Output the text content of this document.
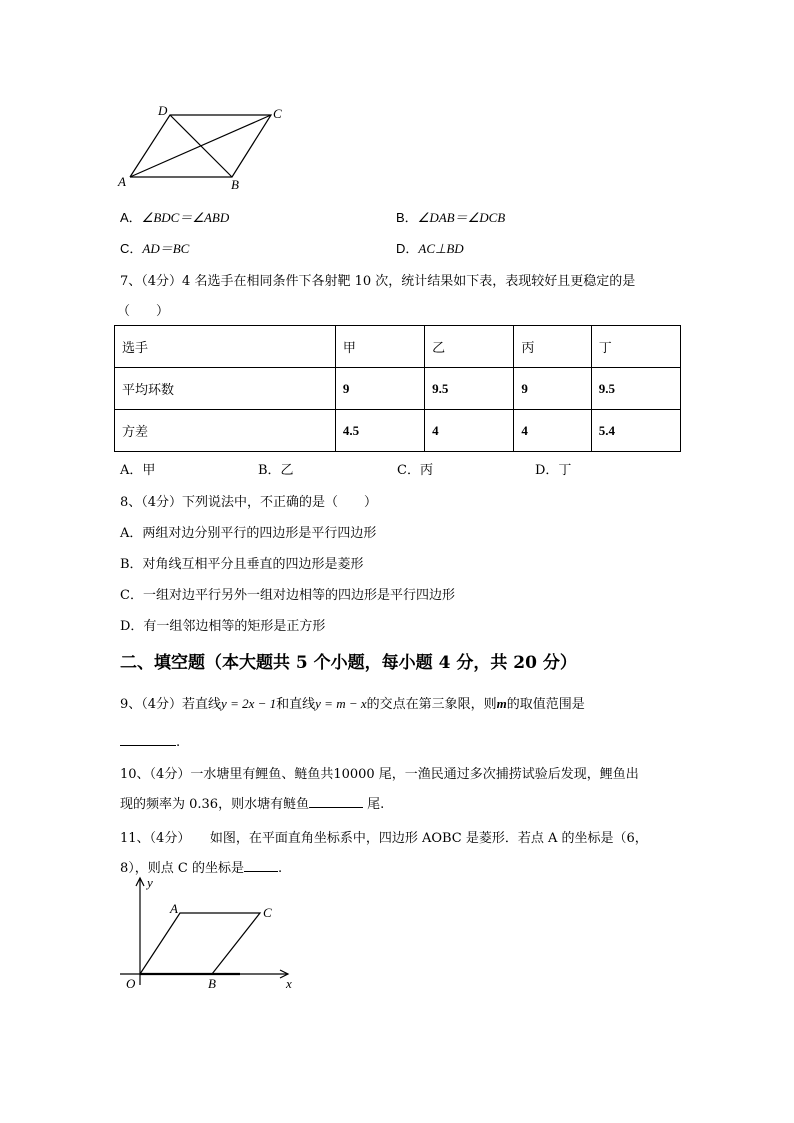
D	C
A	B
A．∠BDC＝∠ABD	B．∠DAB＝∠DCB
C．AD＝BC	D．AC⊥BD
7、（4分）4 名选手在相同条件下各射靶 10 次，统计结果如下表，表现较好且更稳定的是
（　　）
选手	甲	乙	丙	丁
平均环数	9	9.5	9	9.5
方差	4.5	4	4	5.4
A．甲	B．乙	C．丙	D．丁
8、（4分）下列说法中，不正确的是（　　）
A．两组对边分别平行的四边形是平行四边形
B．对角线互相平分且垂直的四边形是菱形
C．一组对边平行另外一组对边相等的四边形是平行四边形
D．有一组邻边相等的矩形是正方形
二、填空题（本大题共 5 个小题，每小题 4 分，共 20 分）
9、（4分）若直线y = 2x − 1和直线y = m − x的交点在第三象限，则m的取值范围是
.
10、（4分）一水塘里有鲤鱼、鲢鱼共10000 尾，一渔民通过多次捕捞试验后发现，鲤鱼出
现的频率为 0.36，则水塘有鲢鱼	尾.
11、（4分）　　如图，在平面直角坐标系中，四边形 AOBC 是菱形．若点 A 的坐标是（6，
8），则点 C 的坐标是	.
y
A	C
O	B	x
